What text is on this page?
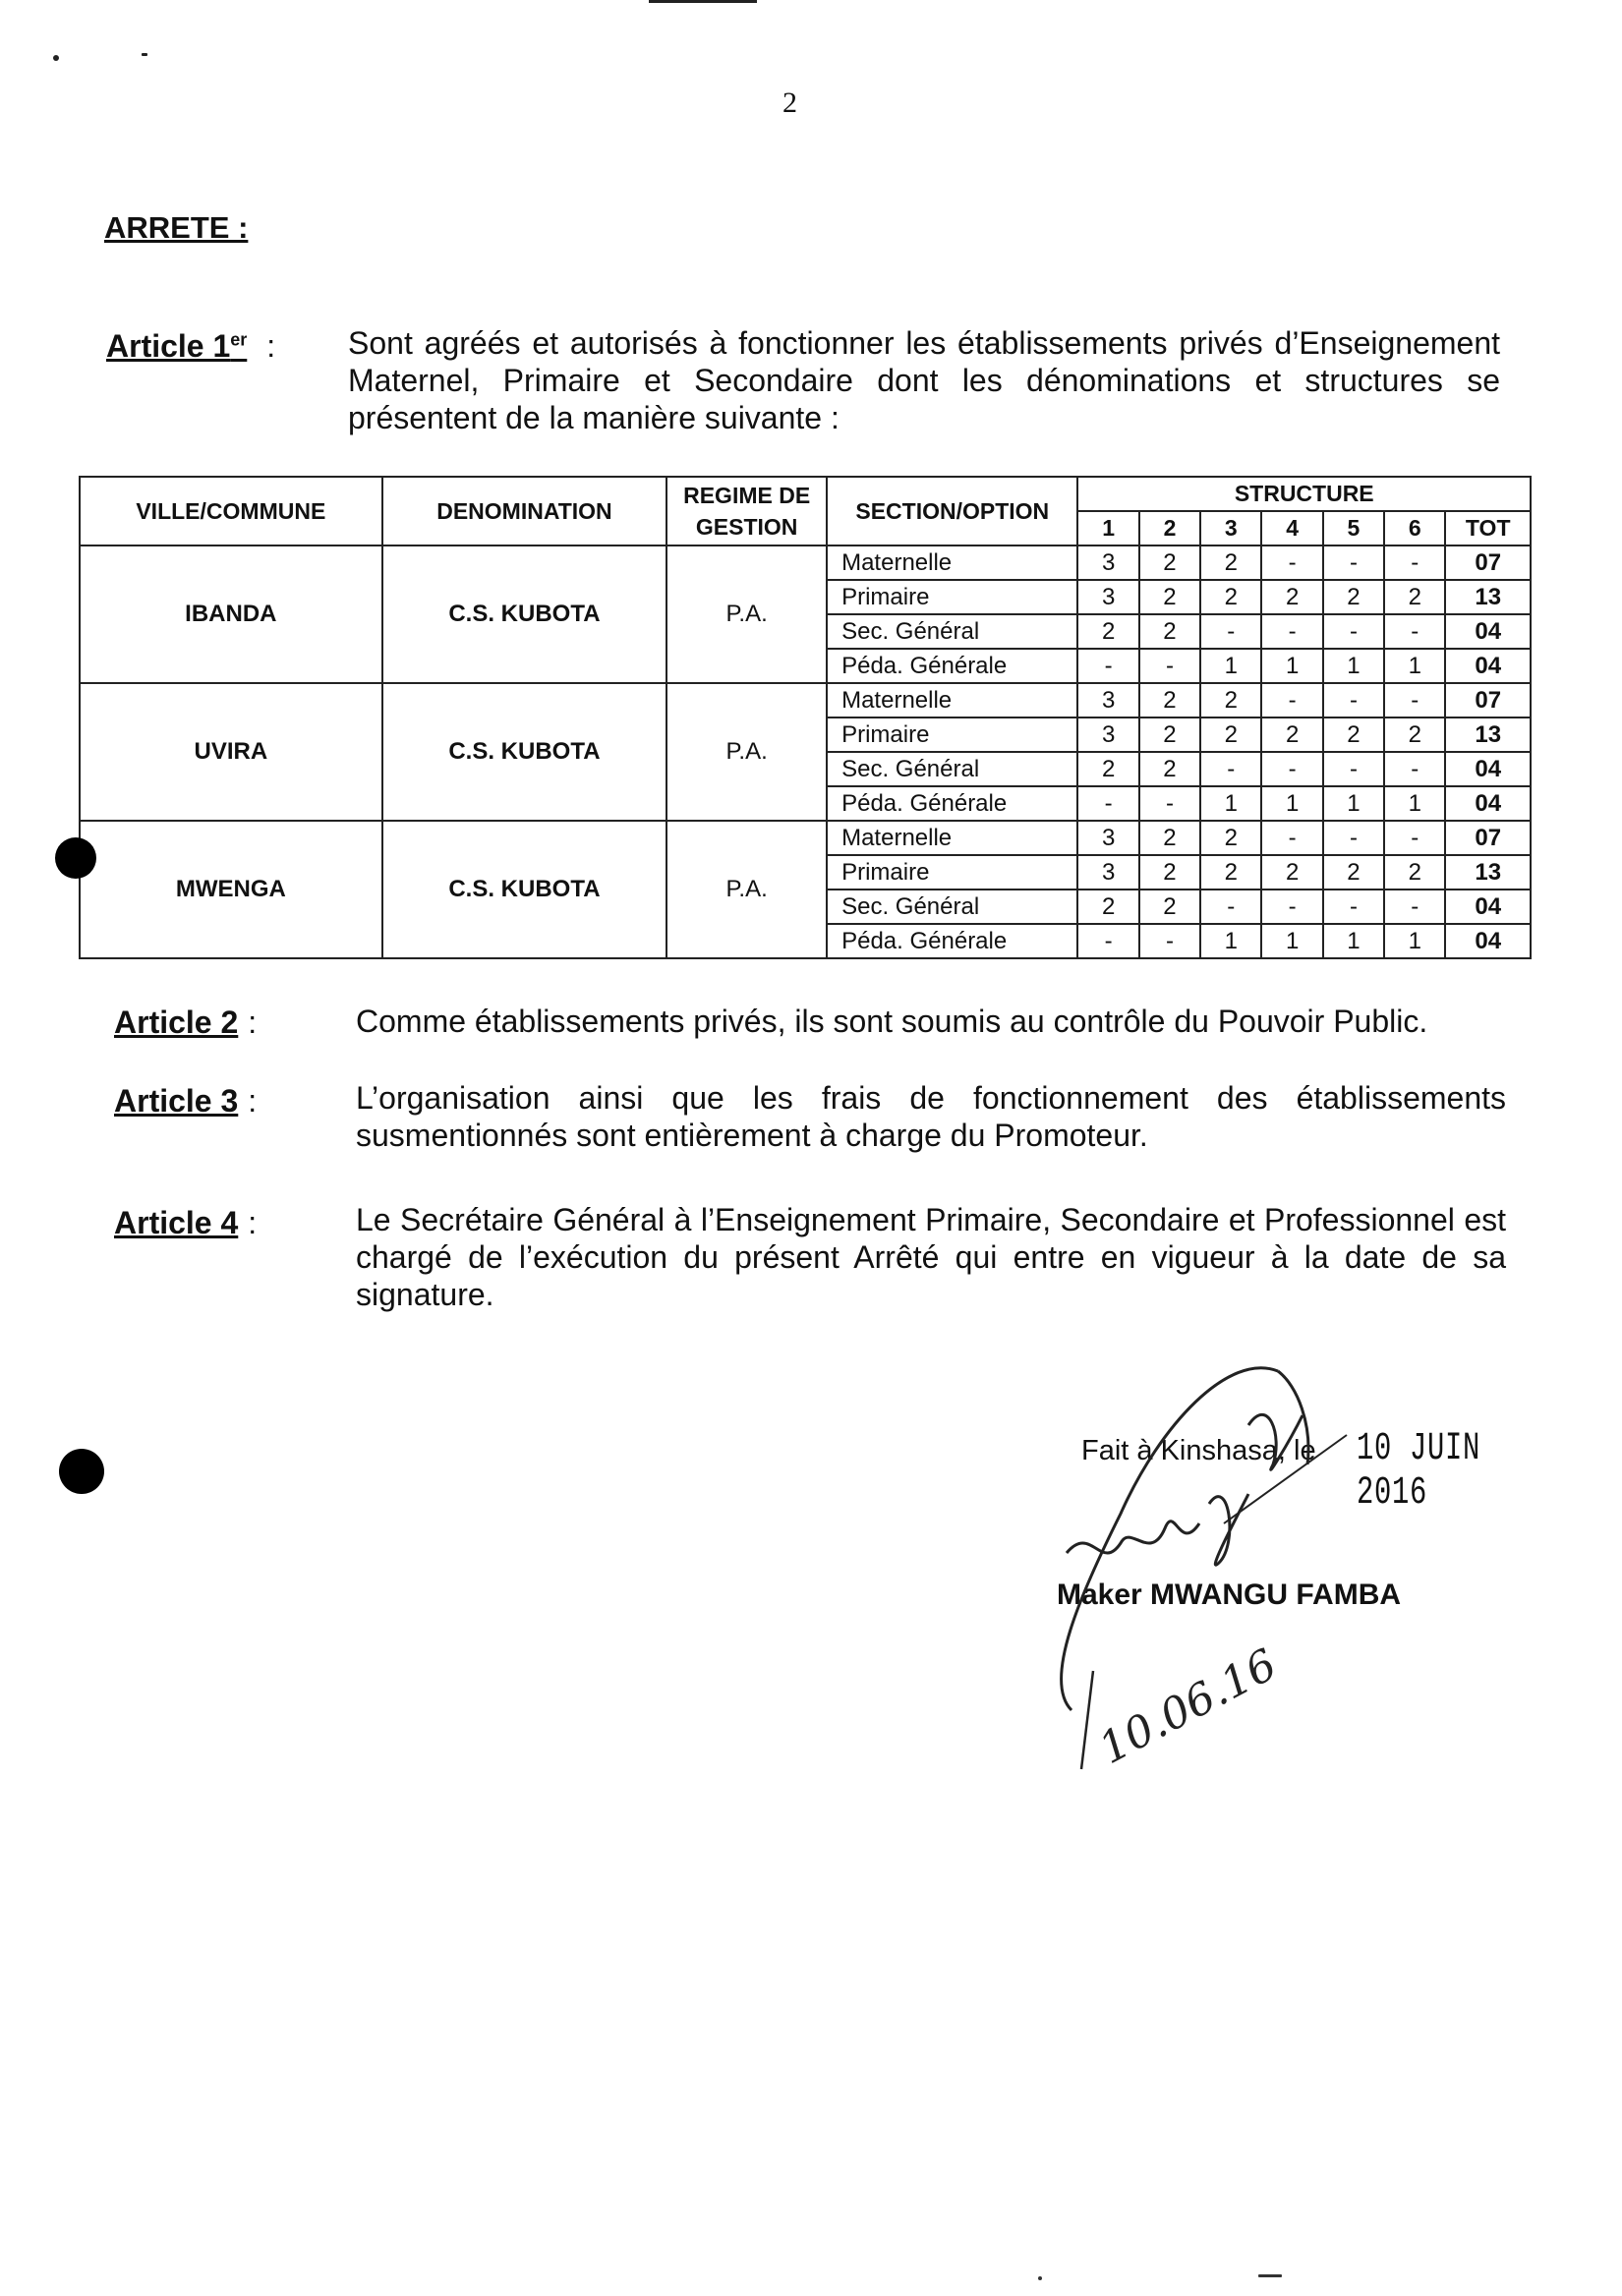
2
ARRETE :
Article 1er : Sont agréés et autorisés à fonctionner les établissements privés d’Enseignement Maternel, Primaire et Secondaire dont les dénominations et structures se présentent de la manière suivante :
VILLE/COMMUNE	DENOMINATION	REGIME DE GESTION	SECTION/OPTION	STRUCTURE						
				1	2	3	4	5	6	TOT
IBANDA	C.S. KUBOTA	P.A.	Maternelle	3	2	2	-	-	-	07
			Primaire	3	2	2	2	2	2	13
			Sec. Général	2	2	-	-	-	-	04
			Péda. Générale	-	-	1	1	1	1	04
UVIRA	C.S. KUBOTA	P.A.	Maternelle	3	2	2	-	-	-	07
			Primaire	3	2	2	2	2	2	13
			Sec. Général	2	2	-	-	-	-	04
			Péda. Générale	-	-	1	1	1	1	04
MWENGA	C.S. KUBOTA	P.A.	Maternelle	3	2	2	-	-	-	07
			Primaire	3	2	2	2	2	2	13
			Sec. Général	2	2	-	-	-	-	04
			Péda. Générale	-	-	1	1	1	1	04
Article 2 :	Comme établissements privés, ils sont soumis au contrôle du Pouvoir Public.
Article 3 :	L’organisation ainsi que les frais de fonctionnement des établissements susmentionnés sont entièrement à charge du Promoteur.
Article 4 :	Le Secrétaire Général à l’Enseignement Primaire, Secondaire et Professionnel est chargé de l’exécution du présent Arrêté qui entre en vigueur à la date de sa signature.
Fait à Kinshasa, le 10 JUIN 2016
Maker MWANGU FAMBA
10.06.16
